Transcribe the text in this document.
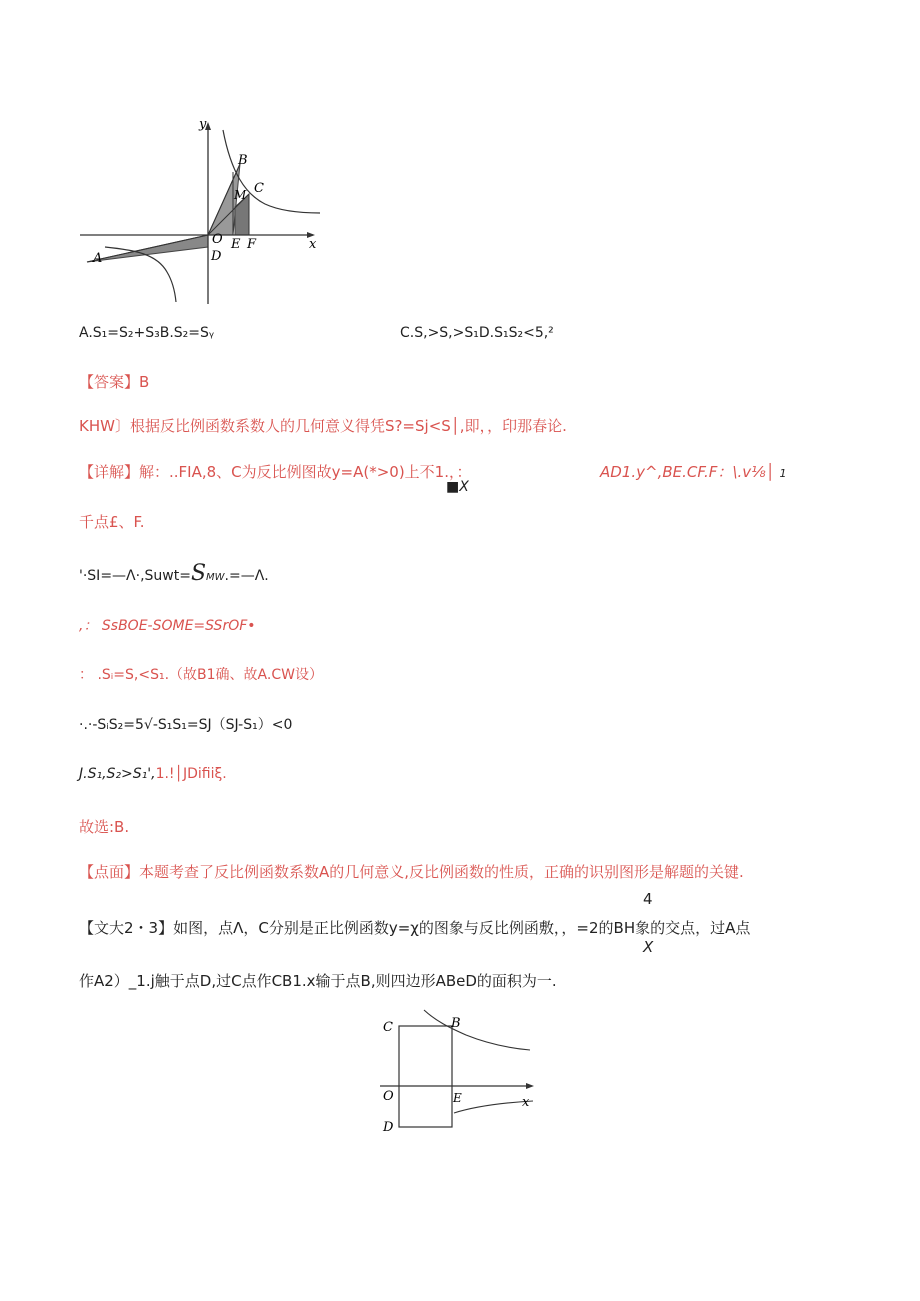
y
x
B
C
M
O E F
A	D
A.S₁=S₂+S₃B.S₂=Sᵧ	C.S,>S,>S₁D.S₁S₂<5,²
【答案】B
KHW〕根据反比例函数系数人的几何意义得凭S?=Sj<S│,即，，印那春论.
【详解】解：..FIA,8、C为反比例图故y=A(*>0)上不1.，：	AD1.y^,BE.CF.F：\.v⅛│ 1
■X
千点£、F.
'·SI=—Λ·,Suwt=SMW.=—Λ.
,： SsBOE-SOME=SSrOF•
： .Sᵢ=S,<S₁.（故B1确、故A.CW设）
·.·-SᵢS₂=5√-S₁S₁=SJ（SJ-S₁）<0
J.S₁,S₂>S₁',1.!│JDifiiξ.
故选:B.
【点面】本题考查了反比例函数系数A的几何意义,反比例函数的性质，正确的识别图形是解题的关键.
4
【文大2・3】如图，点Λ，C分别是正比例函数y=χ的图象与反比例函敷，，=2的BH象的交点，过A点
X
作A2）_1.j触于点D,过C点作CB1.x输于点B,则四边形ABeD的面积为一.
C	B
O	E	x
D
